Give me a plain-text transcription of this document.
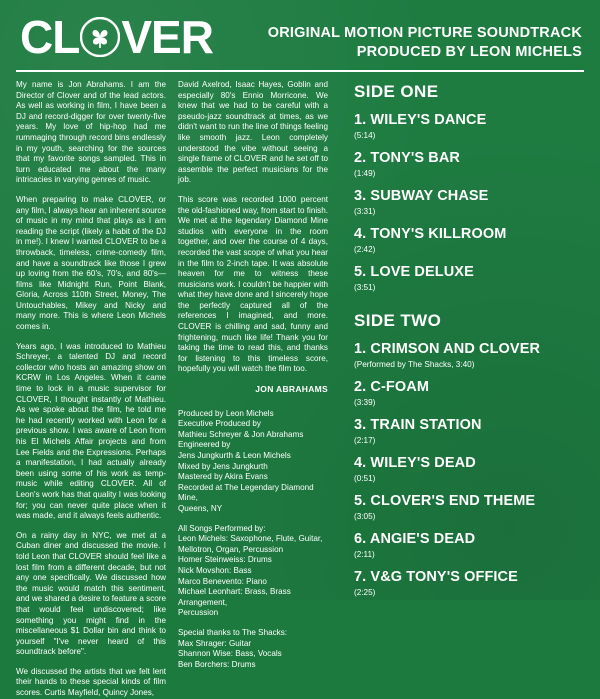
CL VER	ORIGINAL MOTION PICTURE SOUNDTRACK
PRODUCED BY LEON MICHELS

My name is Jon Abrahams. I am the Director of Clover and of the lead actors. As well as working in film, I have been a DJ and record-digger for over twenty-five years. My love of hip-hop had me rummaging through record bins endlessly in my youth, searching for the sources that my favorite songs sampled. This in turn educated me about the many intricacies in varying genres of music.

When preparing to make CLOVER, or any film, I always hear an inherent source of music in my mind that plays as I am reading the script (likely a habit of the DJ in me!). I knew I wanted CLOVER to be a throwback, timeless, crime-comedy film, and have a soundtrack like those I grew up loving from the 60's, 70's, and 80's—films like Midnight Run, Point Blank, Gloria, Across 110th Street, Money, The Untouchables, Mikey and Nicky and many more. This is where Leon Michels comes in.

Years ago, I was introduced to Mathieu Schreyer, a talented DJ and record collector who hosts an amazing show on KCRW in Los Angeles. When it came time to lock in a music supervisor for CLOVER, I thought instantly of Mathieu. As we spoke about the film, he told me he had recently worked with Leon for a previous show. I was aware of Leon from his El Michels Affair projects and from Lee Fields and the Expressions. Perhaps a manifestation, I had actually already been using some of his work as temp-music while editing CLOVER. All of Leon's work has that quality I was looking for; you can never quite place when it was made, and it always feels authentic.

On a rainy day in NYC, we met at a Cuban diner and discussed the movie. I told Leon that CLOVER should feel like a lost film from a different decade, but not any one specifically. We discussed how the music would match this sentiment, and we shared a desire to feature a score that would feel undiscovered; like something you might find in the miscellaneous $1 Dollar bin and think to yourself "I've never heard of this soundtrack before".

We discussed the artists that we felt lent their hands to these special kinds of film scores. Curtis Mayfield, Quincy Jones,

David Axelrod, Isaac Hayes, Goblin and especially 80's Ennio Morricone. We knew that we had to be careful with a pseudo-jazz soundtrack at times, as we didn't want to run the line of things feeling like smooth jazz. Leon completely understood the vibe without seeing a single frame of CLOVER and he set off to assemble the perfect musicians for the job.

This score was recorded 1000 percent the old-fashioned way, from start to finish. We met at the legendary Diamond Mine studios with everyone in the room together, and over the course of 4 days, recorded the vast scope of what you hear in the film to 2-inch tape. It was absolute heaven for me to witness these musicians work. I couldn't be happier with what they have done and I sincerely hope the perfectly captured all of the references I imagined, and more. CLOVER is chilling and sad, funny and frightening, much like life! Thank you for taking the time to read this, and thanks for listening to this timeless score, hopefully you will watch the film too.

JON ABRAHAMS
Produced by Leon Michels
Executive Produced by
Mathieu Schreyer & Jon Abrahams
Engineered by
Jens Jungkurth & Leon Michels
Mixed by Jens Jungkurth
Mastered by Akira Evans
Recorded at The Legendary Diamond Mine,
Queens, NY
All Songs Performed by:
Leon Michels: Saxophone, Flute, Guitar,
Mellotron, Organ, Percussion
Homer Steinweiss: Drums
Nick Movshon: Bass
Marco Benevento: Piano
Michael Leonhart: Brass, Brass Arrangement,
Percussion
Special thanks to The Shacks:
Max Shrager: Guitar
Shannon Wise: Bass, Vocals
Ben Borchers: Drums
SIDE ONE
1. WILEY'S DANCE
(5:14)
2. TONY'S BAR
(1:49)
3. SUBWAY CHASE
(3:31)
4. TONY'S KILLROOM
(2:42)
5. LOVE DELUXE
(3:51)
SIDE TWO
1. CRIMSON AND CLOVER
(Performed by The Shacks, 3:40)
2. C-FOAM
(3:39)
3. TRAIN STATION
(2:17)
4. WILEY'S DEAD
(0:51)
5. CLOVER'S END THEME
(3:05)
6. ANGIE'S DEAD
(2:11)
7. V&G TONY'S OFFICE
(2:25)
